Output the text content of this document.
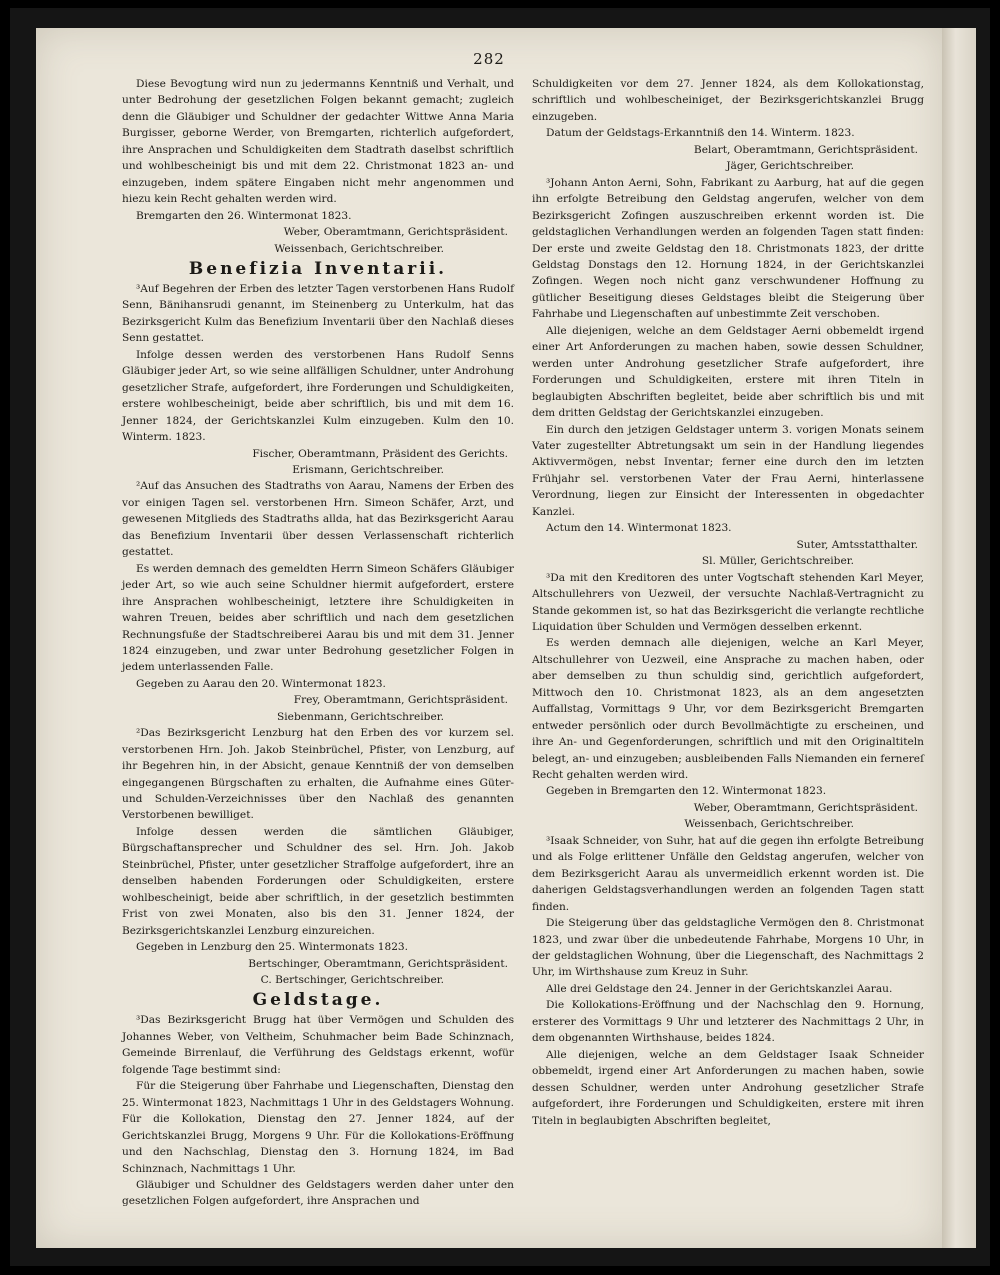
282

Diese Bevogtung wird nun zu jedermanns Kenntniß und Verhalt, und unter Bedrohung der gesetzlichen Folgen bekannt gemacht; zugleich denn die Gläubiger und Schuldner der gedachter Wittwe Anna Maria Burgisser, geborne Werder, von Bremgarten, richterlich aufgefordert, ihre Ansprachen und Schuldigkeiten dem Stadtrath daselbst schriftlich und wohlbescheinigt bis und mit dem 22. Christmonat 1823 an- und einzugeben, indem spätere Eingaben nicht mehr angenommen und hiezu kein Recht gehalten werden wird.

Bremgarten den 26. Wintermonat 1823.

Weber, Oberamtmann, Gerichtspräsident.

Weissenbach, Gerichtschreiber.

Benefizia Inventarii.

³Auf Begehren der Erben des letzter Tagen verstorbenen Hans Rudolf Senn, Bänihansrudi genannt, im Steinenberg zu Unterkulm, hat das Bezirksgericht Kulm das Benefizium Inventarii über den Nachlaß dieses Senn gestattet.

Infolge dessen werden des verstorbenen Hans Rudolf Senns Gläubiger jeder Art, so wie seine allfälligen Schuldner, unter Androhung gesetzlicher Strafe, aufgefordert, ihre Forderungen und Schuldigkeiten, erstere wohlbescheinigt, beide aber schriftlich, bis und mit dem 16. Jenner 1824, der Gerichtskanzlei Kulm einzugeben. Kulm den 10. Winterm. 1823.

Fischer, Oberamtmann, Präsident des Gerichts.

Erismann, Gerichtschreiber.

²Auf das Ansuchen des Stadtraths von Aarau, Namens der Erben des vor einigen Tagen sel. verstorbenen Hrn. Simeon Schäfer, Arzt, und gewesenen Mitglieds des Stadtraths allda, hat das Bezirksgericht Aarau das Benefizium Inventarii über dessen Verlassenschaft richterlich gestattet.

Es werden demnach des gemeldten Herrn Simeon Schäfers Gläubiger jeder Art, so wie auch seine Schuldner hiermit aufgefordert, erstere ihre Ansprachen wohlbescheinigt, letztere ihre Schuldigkeiten in wahren Treuen, beides aber schriftlich und nach dem gesetzlichen Rechnungsfuße der Stadtschreiberei Aarau bis und mit dem 31. Jenner 1824 einzugeben, und zwar unter Bedrohung gesetzlicher Folgen in jedem unterlassenden Falle.

Gegeben zu Aarau den 20. Wintermonat 1823.

Frey, Oberamtmann, Gerichtspräsident.

Siebenmann, Gerichtschreiber.

²Das Bezirksgericht Lenzburg hat den Erben des vor kurzem sel. verstorbenen Hrn. Joh. Jakob Steinbrüchel, Pfister, von Lenzburg, auf ihr Begehren hin, in der Absicht, genaue Kenntniß der von demselben eingegangenen Bürgschaften zu erhalten, die Aufnahme eines Güter- und Schulden-Verzeichnisses über den Nachlaß des genannten Verstorbenen bewilliget.

Infolge dessen werden die sämtlichen Gläubiger, Bürgschaftansprecher und Schuldner des sel. Hrn. Joh. Jakob Steinbrüchel, Pfister, unter gesetzlicher Straffolge aufgefordert, ihre an denselben habenden Forderungen oder Schuldigkeiten, erstere wohlbescheinigt, beide aber schriftlich, in der gesetzlich bestimmten Frist von zwei Monaten, also bis den 31. Jenner 1824, der Bezirksgerichtskanzlei Lenzburg einzureichen.

Gegeben in Lenzburg den 25. Wintermonats 1823.

Bertschinger, Oberamtmann, Gerichtspräsident.

C. Bertschinger, Gerichtschreiber.

Geldstage.

³Das Bezirksgericht Brugg hat über Vermögen und Schulden des Johannes Weber, von Veltheim, Schuhmacher beim Bade Schinznach, Gemeinde Birrenlauf, die Verführung des Geldstags erkennt, wofür folgende Tage bestimmt sind:

Für die Steigerung über Fahrhabe und Liegenschaften, Dienstag den 25. Wintermonat 1823, Nachmittags 1 Uhr in des Geldstagers Wohnung. Für die Kollokation, Dienstag den 27. Jenner 1824, auf der Gerichtskanzlei Brugg, Morgens 9 Uhr. Für die Kollokations-Eröffnung und den Nachschlag, Dienstag den 3. Hornung 1824, im Bad Schinznach, Nachmittags 1 Uhr.

Gläubiger und Schuldner des Geldstagers werden daher unter den gesetzlichen Folgen aufgefordert, ihre Ansprachen und

Schuldigkeiten vor dem 27. Jenner 1824, als dem Kollokationstag, schriftlich und wohlbescheiniget, der Bezirksgerichtskanzlei Brugg einzugeben.

Datum der Geldstags-Erkanntniß den 14. Winterm. 1823.

Belart, Oberamtmann, Gerichtspräsident.

Jäger, Gerichtschreiber.

³Johann Anton Aerni, Sohn, Fabrikant zu Aarburg, hat auf die gegen ihn erfolgte Betreibung den Geldstag angerufen, welcher von dem Bezirksgericht Zofingen auszuschreiben erkennt worden ist. Die geldstaglichen Verhandlungen werden an folgenden Tagen statt finden: Der erste und zweite Geldstag den 18. Christmonats 1823, der dritte Geldstag Donstags den 12. Hornung 1824, in der Gerichtskanzlei Zofingen. Wegen noch nicht ganz verschwundener Hoffnung zu gütlicher Beseitigung dieses Geldstages bleibt die Steigerung über Fahrhabe und Liegenschaften auf unbestimmte Zeit verschoben.

Alle diejenigen, welche an dem Geldstager Aerni obbemeldt irgend einer Art Anforderungen zu machen haben, sowie dessen Schuldner, werden unter Androhung gesetzlicher Strafe aufgefordert, ihre Forderungen und Schuldigkeiten, erstere mit ihren Titeln in beglaubigten Abschriften begleitet, beide aber schriftlich bis und mit dem dritten Geldstag der Gerichtskanzlei einzugeben.

Ein durch den jetzigen Geldstager unterm 3. vorigen Monats seinem Vater zugestellter Abtretungsakt um sein in der Handlung liegendes Aktivvermögen, nebst Inventar; ferner eine durch den im letzten Frühjahr sel. verstorbenen Vater der Frau Aerni, hinterlassene Verordnung, liegen zur Einsicht der Interessenten in obgedachter Kanzlei.

Actum den 14. Wintermonat 1823.

Suter, Amtsstatthalter.

Sl. Müller, Gerichtschreiber.

³Da mit den Kreditoren des unter Vogtschaft stehenden Karl Meyer, Altschullehrers von Uezweil, der versuchte Nachlaß-Vertragnicht zu Stande gekommen ist, so hat das Bezirksgericht die verlangte rechtliche Liquidation über Schulden und Vermögen desselben erkennt.

Es werden demnach alle diejenigen, welche an Karl Meyer, Altschullehrer von Uezweil, eine Ansprache zu machen haben, oder aber demselben zu thun schuldig sind, gerichtlich aufgefordert, Mittwoch den 10. Christmonat 1823, als an dem angesetzten Auffallstag, Vormittags 9 Uhr, vor dem Bezirksgericht Bremgarten entweder persönlich oder durch Bevollmächtigte zu erscheinen, und ihre An- und Gegenforderungen, schriftlich und mit den Originaltiteln belegt, an- und einzugeben; ausbleibenden Falls Niemanden ein fernereſ Recht gehalten werden wird.

Gegeben in Bremgarten den 12. Wintermonat 1823.

Weber, Oberamtmann, Gerichtspräsident.

Weissenbach, Gerichtschreiber.

³Isaak Schneider, von Suhr, hat auf die gegen ihn erfolgte Betreibung und als Folge erlittener Unfälle den Geldstag angerufen, welcher von dem Bezirksgericht Aarau als unvermeidlich erkennt worden ist. Die daherigen Geldstagsverhandlungen werden an folgenden Tagen statt finden.

Die Steigerung über das geldstagliche Vermögen den 8. Christmonat 1823, und zwar über die unbedeutende Fahrhabe, Morgens 10 Uhr, in der geldstaglichen Wohnung, über die Liegenschaft, des Nachmittags 2 Uhr, im Wirthshause zum Kreuz in Suhr.

Alle drei Geldstage den 24. Jenner in der Gerichtskanzlei Aarau.

Die Kollokations-Eröffnung und der Nachschlag den 9. Hornung, ersterer des Vormittags 9 Uhr und letzterer des Nachmittags 2 Uhr, in dem obgenannten Wirthshause, beides 1824.

Alle diejenigen, welche an dem Geldstager Isaak Schneider obbemeldt, irgend einer Art Anforderungen zu machen haben, sowie dessen Schuldner, werden unter Androhung gesetzlicher Strafe aufgefordert, ihre Forderungen und Schuldigkeiten, erstere mit ihren Titeln in beglaubigten Abschriften begleitet,
